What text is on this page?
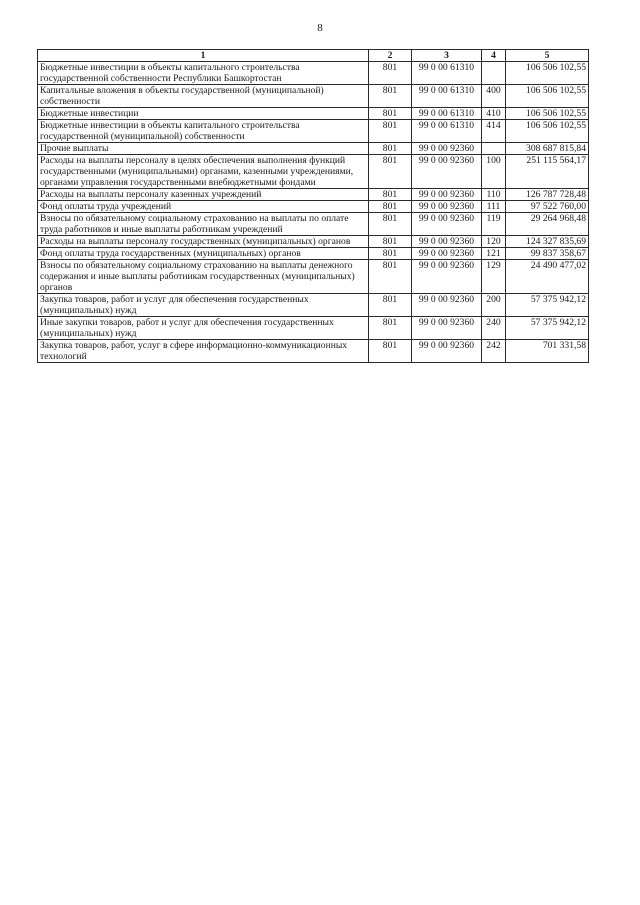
8
1	2	3	4	5
Бюджетные инвестиции в объекты капитального строительства государственной собственности Республики Башкортостан	801	99 0 00 61310		106 506 102,55
Капитальные вложения в объекты государственной (муниципальной) собственности	801	99 0 00 61310	400	106 506 102,55
Бюджетные инвестиции	801	99 0 00 61310	410	106 506 102,55
Бюджетные инвестиции в объекты капитального строительства государственной (муниципальной) собственности	801	99 0 00 61310	414	106 506 102,55
Прочие выплаты	801	99 0 00 92360		308 687 815,84
Расходы на выплаты персоналу в целях обеспечения выполнения функций государственными (муниципальными) органами, казенными учреждениями, органами управления государственными внебюджетными фондами	801	99 0 00 92360	100	251 115 564,17
Расходы на выплаты персоналу казенных учреждений	801	99 0 00 92360	110	126 787 728,48
Фонд оплаты труда учреждений	801	99 0 00 92360	111	97 522 760,00
Взносы по обязательному социальному страхованию на выплаты по оплате труда работников и иные выплаты работникам учреждений	801	99 0 00 92360	119	29 264 968,48
Расходы на выплаты персоналу государственных (муниципальных) органов	801	99 0 00 92360	120	124 327 835,69
Фонд оплаты труда государственных (муниципальных) органов	801	99 0 00 92360	121	99 837 358,67
Взносы по обязательному социальному страхованию на выплаты денежного содержания и иные выплаты работникам государственных (муниципальных) органов	801	99 0 00 92360	129	24 490 477,02
Закупка товаров, работ и услуг для обеспечения государственных (муниципальных) нужд	801	99 0 00 92360	200	57 375 942,12
Иные закупки товаров, работ и услуг для обеспечения государственных (муниципальных) нужд	801	99 0 00 92360	240	57 375 942,12
Закупка товаров, работ, услуг в сфере информационно-коммуникационных технологий	801	99 0 00 92360	242	701 331,58
